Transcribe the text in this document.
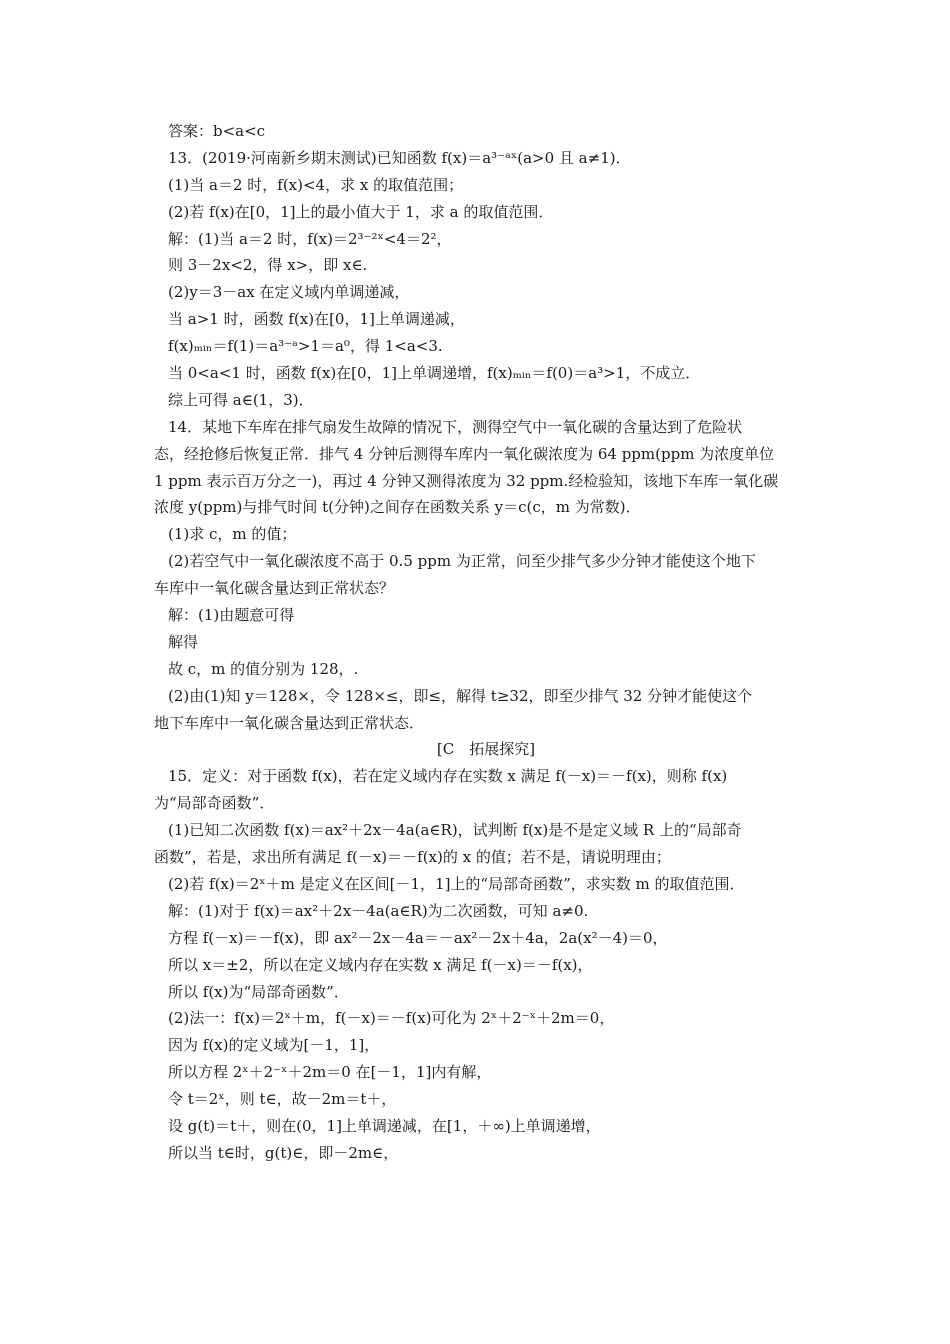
答案：b<a<c
13．(2019·河南新乡期末测试)已知函数 f(x)＝a³⁻ᵃˣ(a>0 且 a≠1)．
(1)当 a＝2 时，f(x)<4，求 x 的取值范围；
(2)若 f(x)在[0，1]上的最小值大于 1，求 a 的取值范围．
解：(1)当 a＝2 时，f(x)＝2³⁻²ˣ<4＝2²，
则 3－2x<2，得 x>，即 x∈.
(2)y＝3－ax 在定义域内单调递减，
当 a>1 时，函数 f(x)在[0，1]上单调递减，
f(x)ₘᵢₙ＝f(1)＝a³⁻ᵃ>1＝a⁰，得 1<a<3.
当 0<a<1 时，函数 f(x)在[0，1]上单调递增，f(x)ₘᵢₙ＝f(0)＝a³>1，不成立．
综上可得 a∈(1，3)．
14．某地下车库在排气扇发生故障的情况下，测得空气中一氧化碳的含量达到了危险状
态，经抢修后恢复正常．排气 4 分钟后测得车库内一氧化碳浓度为 64 ppm(ppm 为浓度单位
1 ppm 表示百万分之一)，再过 4 分钟又测得浓度为 32 ppm.经检验知，该地下车库一氧化碳
浓度 y(ppm)与排气时间 t(分钟)之间存在函数关系 y＝c(c，m 为常数)．
(1)求 c，m 的值；
(2)若空气中一氧化碳浓度不高于 0.5 ppm 为正常，问至少排气多少分钟才能使这个地下
车库中一氧化碳含量达到正常状态？
解：(1)由题意可得
解得
故 c，m 的值分别为 128，.
(2)由(1)知 y＝128×，令 128×≤，即≤，解得 t≥32，即至少排气 32 分钟才能使这个
地下车库中一氧化碳含量达到正常状态．
[C　拓展探究]
15．定义：对于函数 f(x)，若在定义域内存在实数 x 满足 f(－x)＝－f(x)，则称 f(x)
为“局部奇函数”．
(1)已知二次函数 f(x)＝ax²＋2x－4a(a∈R)，试判断 f(x)是不是定义域 R 上的“局部奇
函数”，若是，求出所有满足 f(－x)＝－f(x)的 x 的值；若不是，请说明理由；
(2)若 f(x)＝2ˣ＋m 是定义在区间[－1，1]上的“局部奇函数”，求实数 m 的取值范围．
解：(1)对于 f(x)＝ax²＋2x－4a(a∈R)为二次函数，可知 a≠0.
方程 f(－x)＝－f(x)，即 ax²－2x－4a＝－ax²－2x＋4a，2a(x²－4)＝0，
所以 x＝±2，所以在定义域内存在实数 x 满足 f(－x)＝－f(x)，
所以 f(x)为“局部奇函数”．
(2)法一：f(x)＝2ˣ＋m，f(－x)＝－f(x)可化为 2ˣ＋2⁻ˣ＋2m＝0，
因为 f(x)的定义域为[－1，1]，
所以方程 2ˣ＋2⁻ˣ＋2m＝0 在[－1，1]内有解，
令 t＝2ˣ，则 t∈，故－2m＝t＋，
设 g(t)＝t＋，则在(0，1]上单调递减，在[1，＋∞)上单调递增，
所以当 t∈时，g(t)∈，即－2m∈，
